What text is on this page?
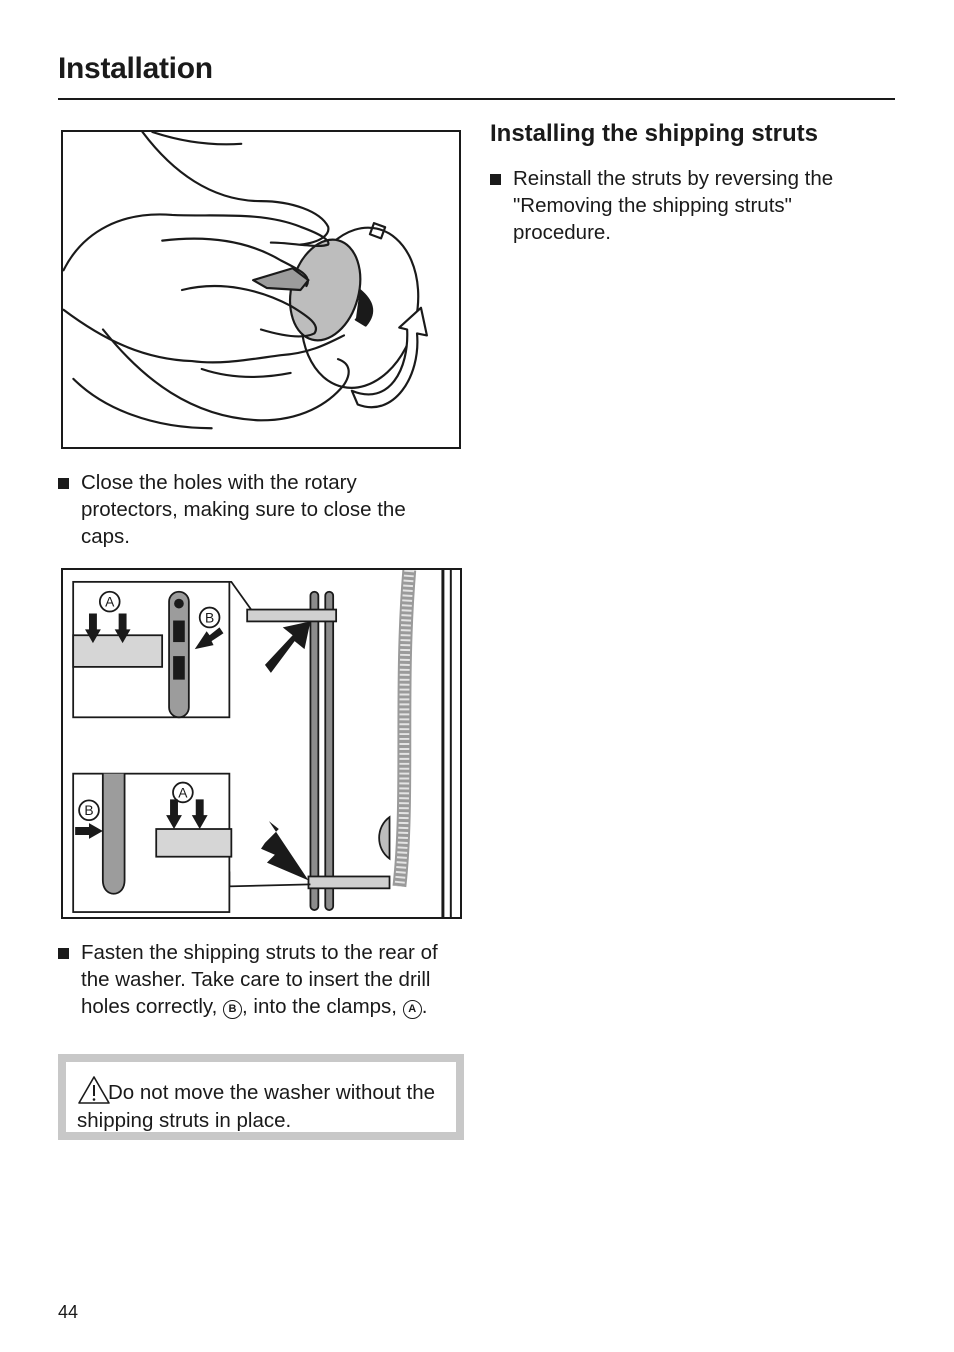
Installation

Close the holes with the rotary protectors, making sure to close the caps.

A
B
B
A

Fasten the shipping struts to the rear of the washer. Take care to insert the drill holes correctly, B , into the clamps, A .

Do not move the washer without the shipping struts in place.
Installing the shipping struts

Reinstall the struts by reversing the "Removing the shipping struts" procedure.

44
